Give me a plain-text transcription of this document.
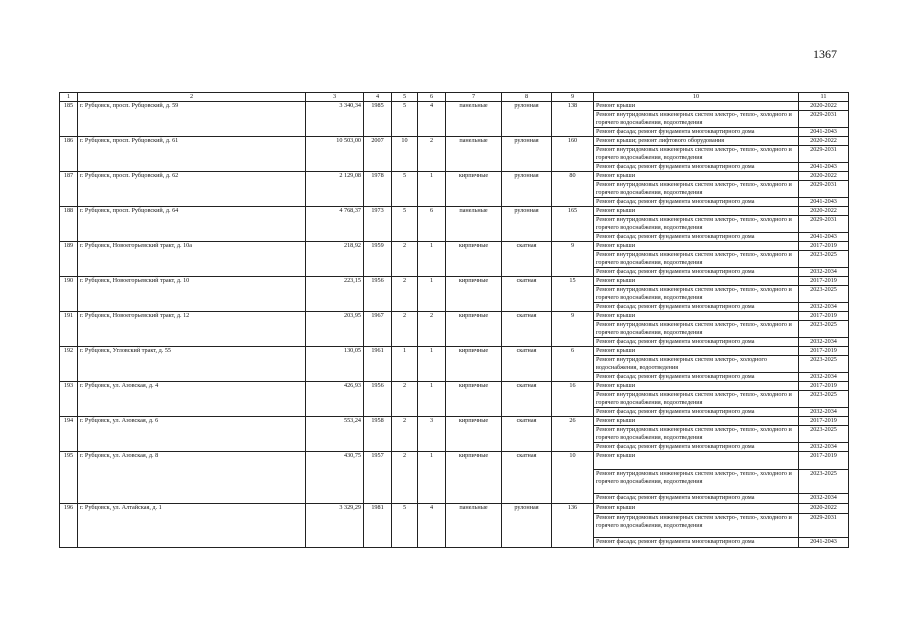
1367
1	2	3	4	5	6	7	8	9	10	11
185	г. Рубцовск, просп. Рубцовский, д. 59	3 340,34	1985	5	4	панельные	рулонная	138	Ремонт крыши	2020-2022
									Ремонт внутридомовых инженерных систем электро-, тепло-, холодного и горячего водоснабжения, водоотведения	2029-2031
									Ремонт фасада; ремонт фундамента многоквартирного дома	2041-2043
186	г. Рубцовск, просп. Рубцовский, д. 61	10 503,00	2007	10	2	панельные	рулонная	160	Ремонт крыши; ремонт лифтового оборудования	2020-2022
									Ремонт внутридомовых инженерных систем электро-, тепло-, холодного и горячего водоснабжения, водоотведения	2029-2031
									Ремонт фасада; ремонт фундамента многоквартирного дома	2041-2043
187	г. Рубцовск, просп. Рубцовский, д. 62	2 129,08	1978	5	1	кирпичные	рулонная	80	Ремонт крыши	2020-2022
									Ремонт внутридомовых инженерных систем электро-, тепло-, холодного и горячего водоснабжения, водоотведения	2029-2031
									Ремонт фасада; ремонт фундамента многоквартирного дома	2041-2043
188	г. Рубцовск, просп. Рубцовский, д. 64	4 768,37	1973	5	6	панельные	рулонная	165	Ремонт крыши	2020-2022
									Ремонт внутридомовых инженерных систем электро-, тепло-, холодного и горячего водоснабжения, водоотведения	2029-2031
									Ремонт фасада; ремонт фундамента многоквартирного дома	2041-2043
189	г. Рубцовск, Новоегорьевский тракт, д. 10а	218,92	1959	2	1	кирпичные	скатная	9	Ремонт крыши	2017-2019
									Ремонт внутридомовых инженерных систем электро-, тепло-, холодного и горячего водоснабжения, водоотведения	2023-2025
									Ремонт фасада; ремонт фундамента многоквартирного дома	2032-2034
190	г. Рубцовск, Новоегорьевский тракт, д. 10	223,15	1956	2	1	кирпичные	скатная	15	Ремонт крыши	2017-2019
									Ремонт внутридомовых инженерных систем электро-, тепло-, холодного и горячего водоснабжения, водоотведения	2023-2025
									Ремонт фасада; ремонт фундамента многоквартирного дома	2032-2034
191	г. Рубцовск, Новоегорьевский тракт, д. 12	203,95	1967	2	2	кирпичные	скатная	9	Ремонт крыши	2017-2019
									Ремонт внутридомовых инженерных систем электро-, тепло-, холодного и горячего водоснабжения, водоотведения	2023-2025
									Ремонт фасада; ремонт фундамента многоквартирного дома	2032-2034
192	г. Рубцовск, Угловский тракт, д. 55	130,05	1961	1	1	кирпичные	скатная	6	Ремонт крыши	2017-2019
									Ремонт внутридомовых инженерных систем электро-, холодного водоснабжения, водоотведения	2023-2025
									Ремонт фасада; ремонт фундамента многоквартирного дома	2032-2034
193	г. Рубцовск, ул. Азовская, д. 4	426,93	1956	2	1	кирпичные	скатная	16	Ремонт крыши	2017-2019
									Ремонт внутридомовых инженерных систем электро-, тепло-, холодного и горячего водоснабжения, водоотведения	2023-2025
									Ремонт фасада; ремонт фундамента многоквартирного дома	2032-2034
194	г. Рубцовск, ул. Азовская, д. 6	553,24	1958	2	3	кирпичные	скатная	26	Ремонт крыши	2017-2019
									Ремонт внутридомовых инженерных систем электро-, тепло-, холодного и горячего водоснабжения, водоотведения	2023-2025
									Ремонт фасада; ремонт фундамента многоквартирного дома	2032-2034
195	г. Рубцовск, ул. Азовская, д. 8	430,75	1957	2	1	кирпичные	скатная	10	Ремонт крыши	2017-2019
									Ремонт внутридомовых инженерных систем электро-, тепло-, холодного и горячего водоснабжения, водоотведения	2023-2025
									Ремонт фасада; ремонт фундамента многоквартирного дома	2032-2034
196	г. Рубцовск, ул. Алтайская, д. 1	3 329,29	1981	5	4	панельные	рулонная	136	Ремонт крыши	2020-2022
									Ремонт внутридомовых инженерных систем электро-, тепло-, холодного и горячего водоснабжения, водоотведения	2029-2031
									Ремонт фасада; ремонт фундамента многоквартирного дома	2041-2043
